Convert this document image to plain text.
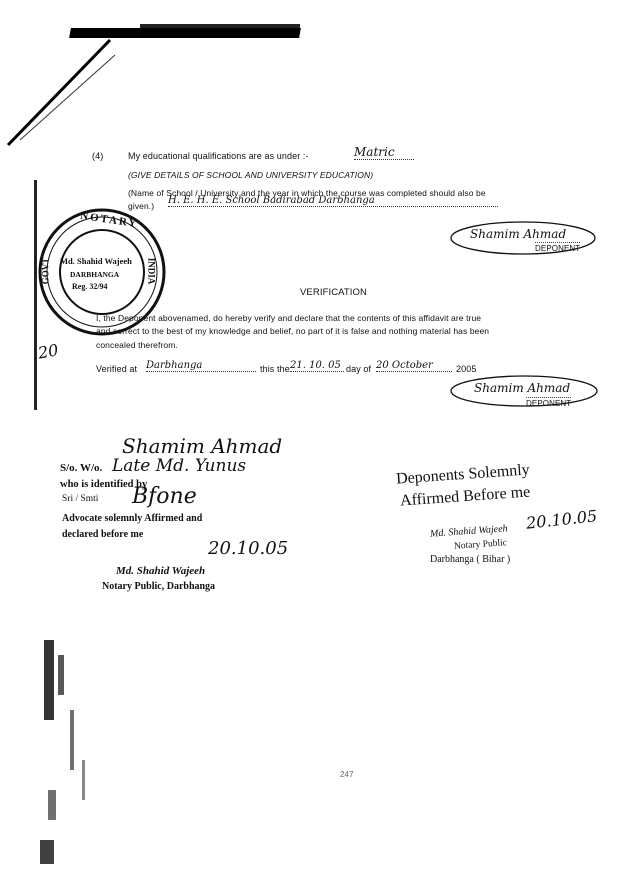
(4)	My educational qualifications are as under :-	Matric
(GIVE DETAILS OF SCHOOL AND UNIVERSITY EDUCATION)
(Name of School / University and the year in which the course was completed should also be
given.) H. E. H. E. School Badirabad Darbhanga
Shamim Ahmad
DEPONENT
NOTARY
GOVT	INDIA
Md. Shahid Wajeeh
DARBHANGA
Reg. 32/94
VERIFICATION
I, the Deponent abovenamed, do hereby verify and declare that the contents of this affidavit are true
and correct to the best of my knowledge and belief, no part of it is false and nothing material has been
concealed therefrom.
20
Verified at Darbhanga	this the 21. 10. 05 day of 20 October	2005
Shamim Ahmad
DEPONENT
Shamim Ahmad
S/o. W/o. Late Md. Yunus
who is identified by
Sri / Smti Bfone
Advocate solemnly Affirmed and
declared before me
20.10.05
Md. Shahid Wajeeh
Notary Public, Darbhanga
Deponents Solemnly
Affirmed Before me
Md. Shahid Wajeeh
Notary Public
20.10.05
Darbhanga ( Bihar )
247
